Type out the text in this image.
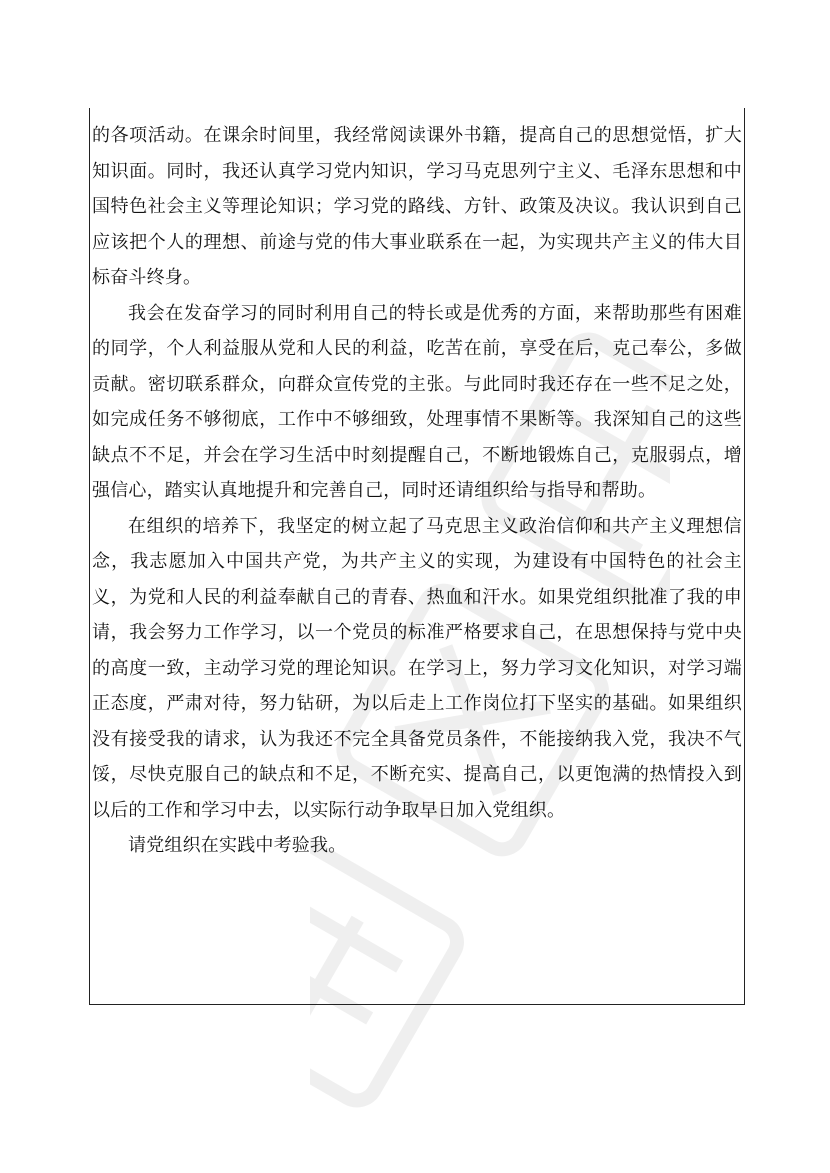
的各项活动。在课余时间里，我经常阅读课外书籍，提高自己的思想觉悟，扩大知识面。同时，我还认真学习党内知识，学习马克思列宁主义、毛泽东思想和中国特色社会主义等理论知识；学习党的路线、方针、政策及决议。我认识到自己应该把个人的理想、前途与党的伟大事业联系在一起，为实现共产主义的伟大目标奋斗终身。

我会在发奋学习的同时利用自己的特长或是优秀的方面，来帮助那些有困难的同学，个人利益服从党和人民的利益，吃苦在前，享受在后，克己奉公，多做贡献。密切联系群众，向群众宣传党的主张。与此同时我还存在一些不足之处，如完成任务不够彻底，工作中不够细致，处理事情不果断等。我深知自己的这些缺点不不足，并会在学习生活中时刻提醒自己，不断地锻炼自己，克服弱点，增强信心，踏实认真地提升和完善自己，同时还请组织给与指导和帮助。

在组织的培养下，我坚定的树立起了马克思主义政治信仰和共产主义理想信念，我志愿加入中国共产党，为共产主义的实现，为建设有中国特色的社会主义，为党和人民的利益奉献自己的青春、热血和汗水。如果党组织批准了我的申请，我会努力工作学习，以一个党员的标准严格要求自己，在思想保持与党中央的高度一致，主动学习党的理论知识。在学习上，努力学习文化知识，对学习端正态度，严肃对待，努力钻研，为以后走上工作岗位打下坚实的基础。如果组织没有接受我的请求，认为我还不完全具备党员条件，不能接纳我入党，我决不气馁，尽快克服自己的缺点和不足，不断充实、提高自己，以更饱满的热情投入到以后的工作和学习中去，以实际行动争取早日加入党组织。

请党组织在实践中考验我。
